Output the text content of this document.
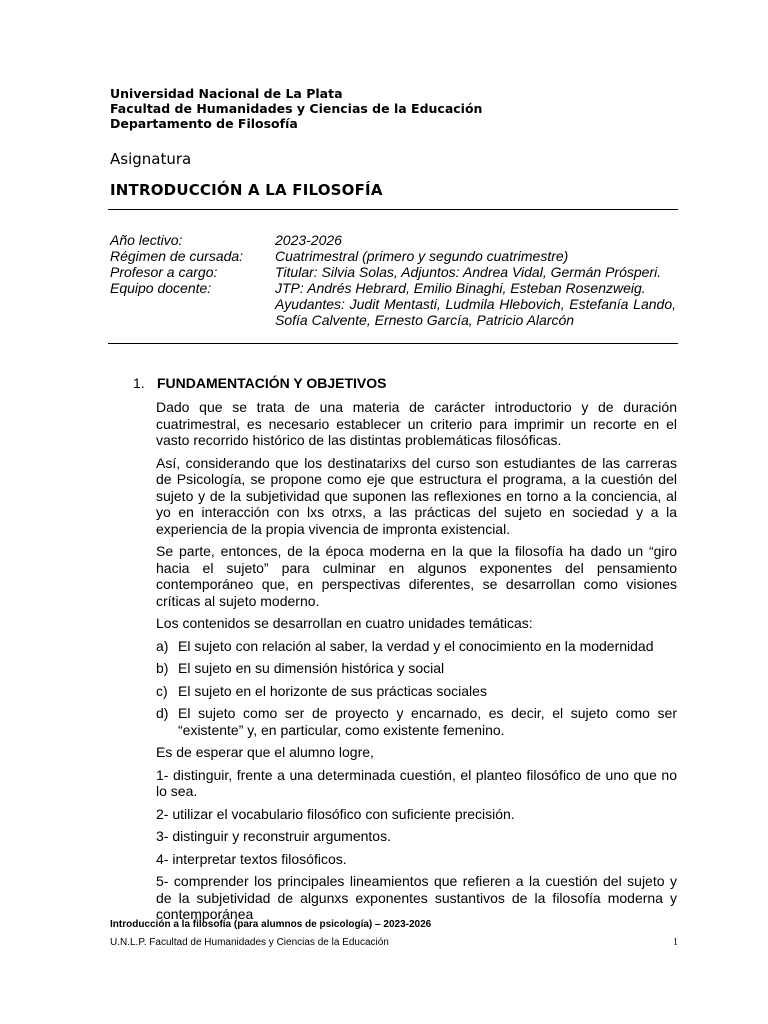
Universidad Nacional de La Plata
Facultad de Humanidades y Ciencias de la Educación
Departamento de Filosofía
Asignatura
INTRODUCCIÓN A LA FILOSOFÍA
Año lectivo:	2023-2026
Régimen de cursada:	Cuatrimestral (primero y segundo cuatrimestre)
Profesor a cargo:	Titular: Silvia Solas, Adjuntos: Andrea Vidal, Germán Prósperi.
Equipo docente:	JTP: Andrés Hebrard, Emilio Binaghi, Esteban Rosenzweig.
Ayudantes: Judit Mentasti, Ludmila Hlebovich, Estefanía Lando, Sofía Calvente, Ernesto García, Patricio Alarcón
1. FUNDAMENTACIÓN Y OBJETIVOS

Dado que se trata de una materia de carácter introductorio y de duración cuatrimestral, es necesario establecer un criterio para imprimir un recorte en el vasto recorrido histórico de las distintas problemáticas filosóficas.

Así, considerando que los destinatarixs del curso son estudiantes de las carreras de Psicología, se propone como eje que estructura el programa, a la cuestión del sujeto y de la subjetividad que suponen las reflexiones en torno a la conciencia, al yo en interacción con lxs otrxs, a las prácticas del sujeto en sociedad y a la experiencia de la propia vivencia de impronta existencial.

Se parte, entonces, de la época moderna en la que la filosofía ha dado un “giro hacia el sujeto” para culminar en algunos exponentes del pensamiento contemporáneo que, en perspectivas diferentes, se desarrollan como visiones críticas al sujeto moderno.

Los contenidos se desarrollan en cuatro unidades temáticas:

a) El sujeto con relación al saber, la verdad y el conocimiento en la modernidad
b) El sujeto en su dimensión histórica y social
c) El sujeto en el horizonte de sus prácticas sociales
d) El sujeto como ser de proyecto y encarnado, es decir, el sujeto como ser “existente” y, en particular, como existente femenino.

Es de esperar que el alumno logre,

1- distinguir, frente a una determinada cuestión, el planteo filosófico de uno que no lo sea.

2- utilizar el vocabulario filosófico con suficiente precisión.

3- distinguir y reconstruir argumentos.

4- interpretar textos filosóficos.

5- comprender los principales lineamientos que refieren a la cuestión del sujeto y de la subjetividad de algunxs exponentes sustantivos de la filosofía moderna y contemporánea

Introducción a la filosofía (para alumnos de psicología) – 2023-2026
U.N.L.P. Facultad de Humanidades y Ciencias de la Educación	1
